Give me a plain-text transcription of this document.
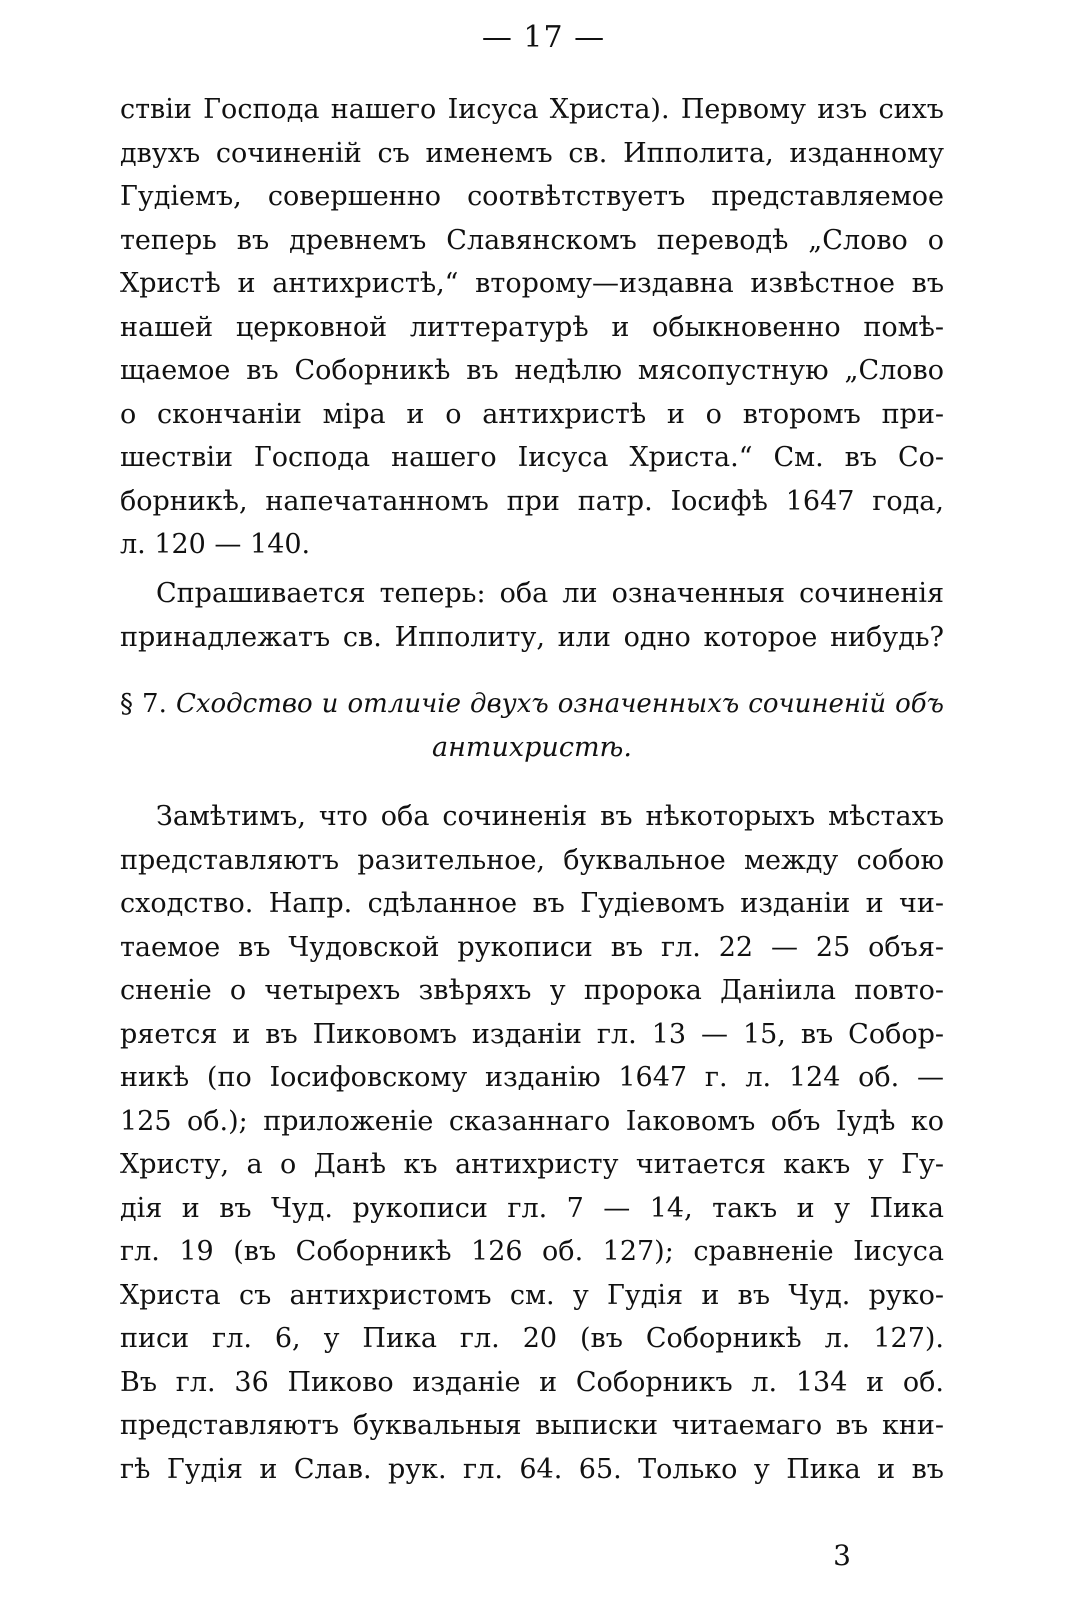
— 17 —
ствіи Господа нашего Іисуса Христа). Первому изъ сихъ
двухъ сочиненій съ именемъ св. Ипполита, изданному
Гудіемъ, совершенно соотвѣтствуетъ представляемое
теперь въ древнемъ Славянскомъ переводѣ „Слово о
Христѣ и антихристѣ,“ второму—издавна извѣстное въ
нашей церковной литтературѣ и обыкновенно помѣ-
щаемое въ Соборникѣ въ недѣлю мясопустную „Слово
о скончаніи міра и о антихристѣ и о второмъ при-
шествіи Господа нашего Іисуса Христа.“ См. въ Со-
борникѣ, напечатанномъ при патр. Іосифѣ 1647 года,
л. 120 — 140.
Спрашивается теперь: оба ли означенныя сочиненія
принадлежатъ св. Ипполиту, или одно которое нибудь?
§ 7. Сходство и отличіе двухъ означенныхъ сочиненій объ
антихристѣ.
Замѣтимъ, что оба сочиненія въ нѣкоторыхъ мѣстахъ
представляютъ разительное, буквальное между собою
сходство. Напр. сдѣланное въ Гудіевомъ изданіи и чи-
таемое въ Чудовской рукописи въ гл. 22 — 25 объя-
сненіе о четырехъ звѣряхъ у пророка Даніила повто-
ряется и въ Пиковомъ изданіи гл. 13 — 15, въ Собор-
никѣ (по Іосифовскому изданію 1647 г. л. 124 об. —
125 об.); приложеніе сказаннаго Іаковомъ объ Іудѣ ко
Христу, а о Данѣ къ антихристу читается какъ у Гу-
дія и въ Чуд. рукописи гл. 7 — 14, такъ и у Пика
гл. 19 (въ Соборникѣ 126 об. 127); сравненіе Іисуса
Христа съ антихристомъ см. у Гудія и въ Чуд. руко-
писи гл. 6, у Пика гл. 20 (въ Соборникѣ л. 127).
Въ гл. 36 Пиково изданіе и Соборникъ л. 134 и об.
представляютъ буквальныя выписки читаемаго въ кни-
гѣ Гудія и Слав. рук. гл. 64. 65. Только у Пика и въ
3
